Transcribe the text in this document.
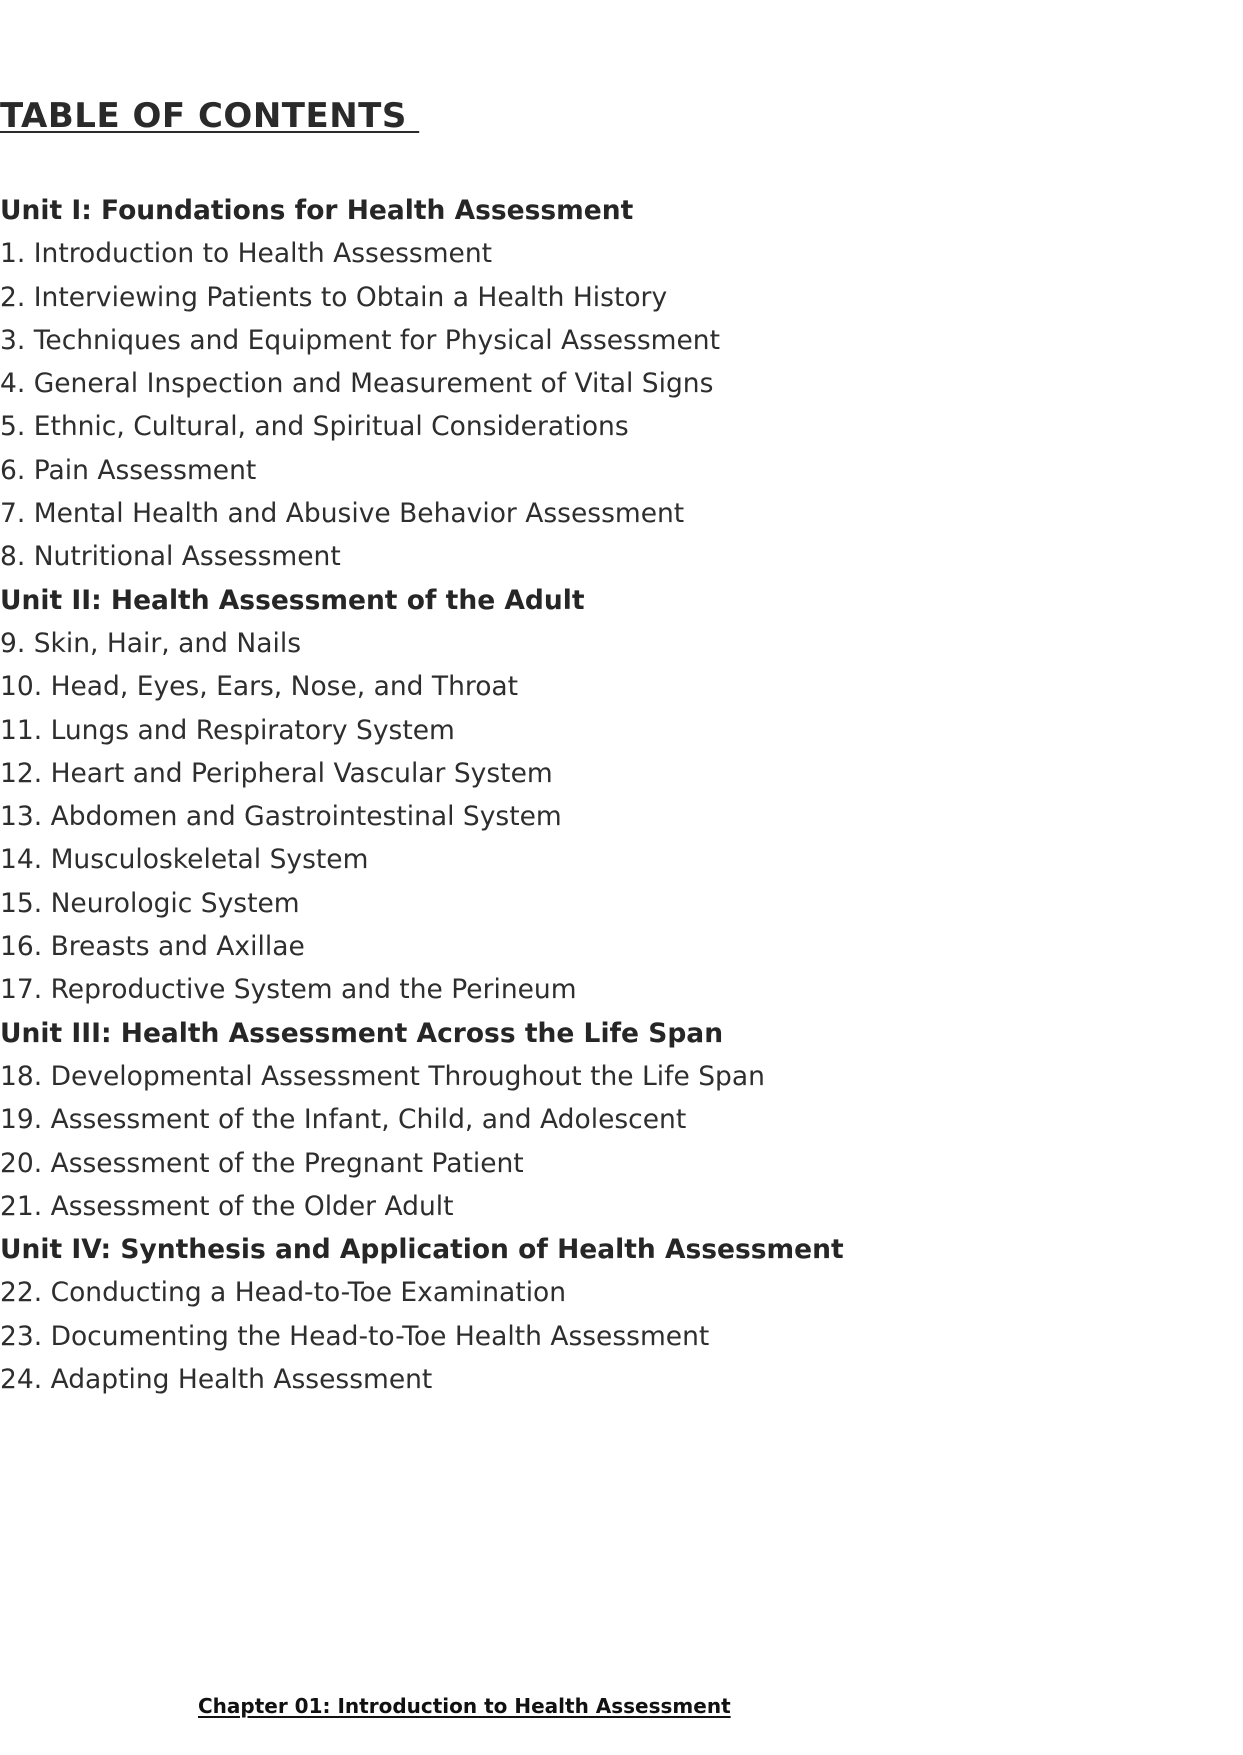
TABLE OF CONTENTS
Unit I: Foundations for Health Assessment
1. Introduction to Health Assessment
2. Interviewing Patients to Obtain a Health History
3. Techniques and Equipment for Physical Assessment
4. General Inspection and Measurement of Vital Signs
5. Ethnic, Cultural, and Spiritual Considerations
6. Pain Assessment
7. Mental Health and Abusive Behavior Assessment
8. Nutritional Assessment
Unit II: Health Assessment of the Adult
9. Skin, Hair, and Nails
10. Head, Eyes, Ears, Nose, and Throat
11. Lungs and Respiratory System
12. Heart and Peripheral Vascular System
13. Abdomen and Gastrointestinal System
14. Musculoskeletal System
15. Neurologic System
16. Breasts and Axillae
17. Reproductive System and the Perineum
Unit III: Health Assessment Across the Life Span
18. Developmental Assessment Throughout the Life Span
19. Assessment of the Infant, Child, and Adolescent
20. Assessment of the Pregnant Patient
21. Assessment of the Older Adult
Unit IV: Synthesis and Application of Health Assessment
22. Conducting a Head-to-Toe Examination
23. Documenting the Head-to-Toe Health Assessment
24. Adapting Health Assessment
Chapter 01: Introduction to Health Assessment
